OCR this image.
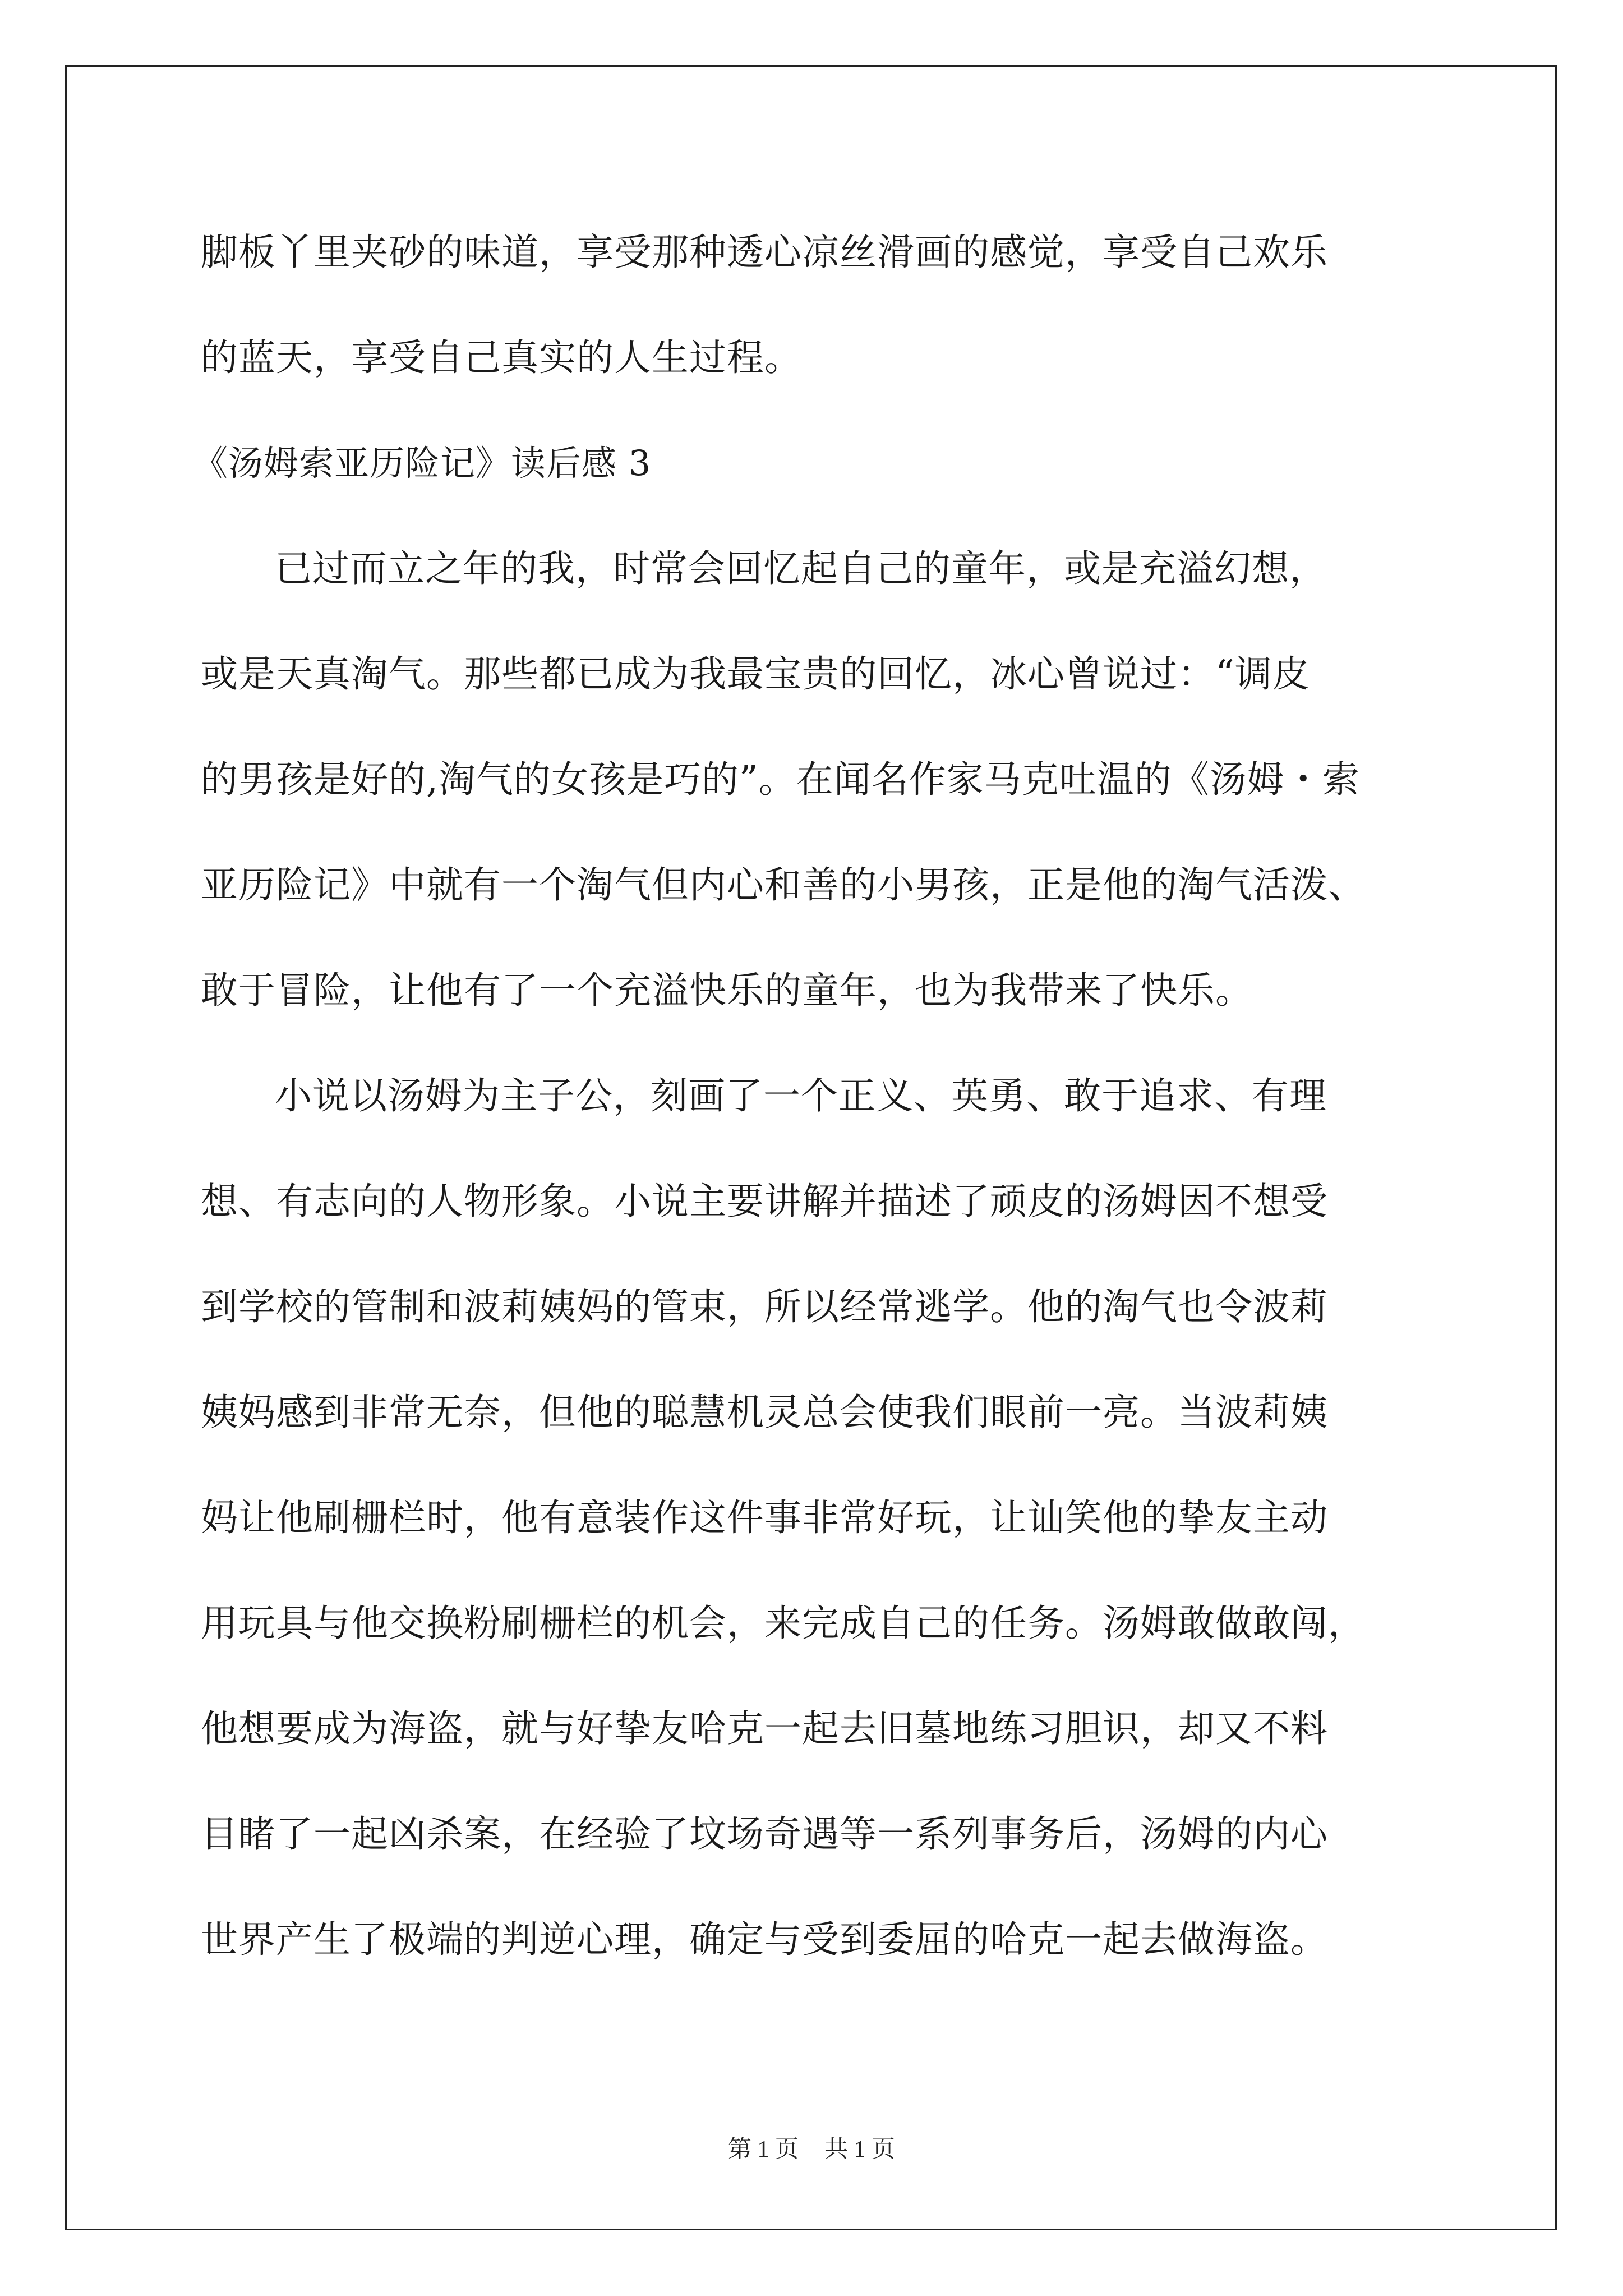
脚板丫里夹砂的味道，享受那种透心凉丝滑画的感觉，享受自己欢乐
的蓝天，享受自己真实的人生过程。
《汤姆索亚历险记》读后感 3
已过而立之年的我，时常会回忆起自己的童年，或是充溢幻想，
或是天真淘气。那些都已成为我最宝贵的回忆，冰心曾说过：“调皮
的男孩是好的,淘气的女孩是巧的”。在闻名作家马克吐温的《汤姆・索
亚历险记》中就有一个淘气但内心和善的小男孩，正是他的淘气活泼、
敢于冒险，让他有了一个充溢快乐的童年，也为我带来了快乐。
小说以汤姆为主子公，刻画了一个正义、英勇、敢于追求、有理
想、有志向的人物形象。小说主要讲解并描述了顽皮的汤姆因不想受
到学校的管制和波莉姨妈的管束，所以经常逃学。他的淘气也令波莉
姨妈感到非常无奈，但他的聪慧机灵总会使我们眼前一亮。当波莉姨
妈让他刷栅栏时，他有意装作这件事非常好玩，让讪笑他的挚友主动
用玩具与他交换粉刷栅栏的机会，来完成自己的任务。汤姆敢做敢闯，
他想要成为海盗，就与好挚友哈克一起去旧墓地练习胆识，却又不料
目睹了一起凶杀案，在经验了坟场奇遇等一系列事务后，汤姆的内心
世界产生了极端的判逆心理，确定与受到委屈的哈克一起去做海盗。
第 1 页 共 1 页
